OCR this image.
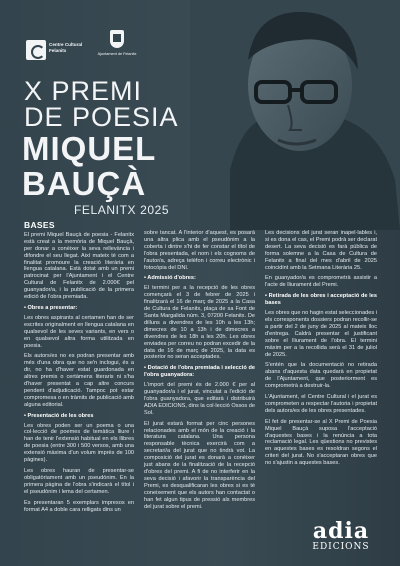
Centre Cultural Felanitx
Ajuntament de Felanitx
X PREMI
DE POESIA
MIQUEL
BAUÇÀ
FELANITX 2025
BASES

El premi Miquel Bauçà de poesia - Felanitx està creat a la memòria de Miquel Bauçà, per donar a conèixer la seva rellevància i difondre el seu llegat. Així mateix té com a finalitat promoure la creació literària en llengua catalana. Està dotat amb un premi patrocinat per l'Ajuntament i el Centre Cultural de Felanitx de 2.000€ pel guanyador/a, i la publicació de la primera edició de l'obra premiada.

• Obres a presentar:

Les obres aspirants al certamen han de ser escrites originalment en llengua catalana en qualsevol de les seves variants, en vers o en qualsevol altra forma utilitzada en poesia.

Els autors/es no es podran presentar amb més d'una obra que no se'n inclogui, és a dir, no ha d'haver estat guardonada en altres premis o certàmens literaris ni s'ha d'haver presentat a cap altre concurs pendent d'adjudicació. Tampoc pot estar compromesa o en tràmits de publicació amb alguna editorial.

• Presentació de les obres

Les obres poden ser un poema o una col·lecció de poemes de temàtica lliure i han de tenir l'extensió habitual en els llibres de poesia (entre 300 i 500 versos, amb una extensió màxima d'un volum imprès de 100 pàgines).

Les obres hauran de presentar-se obligatòriament amb un pseudònim. En la primera pàgina de l'obra s'indicarà el títol i el pseudònim i lema del certamen.

Es presentaran 5 exemplars impresos en format A4 a doble cara relligats dins un

sobre tancat. A l'interior d'aquest, es posarà una altra plica amb el pseudònim a la coberta i dintre s'hi de fer constar el títol de l'obra presentada, el nom i els cognoms de l'autor/a, adreça telèfon i correu electrònic i fotocòpia del DNI.

• Admissió d'obres:

El termini per a la recepció de les obres començarà el 3 de febrer de 2025 i finalitzarà el 16 de març de 2025 a la Casa de Cultura de Felanitx, plaça de sa Font de Santa Margalida núm. 3, 07200 Felanitx. De dilluns a divendres de les 10h a les 13h; dimecres de 10 a 13h i de dimecres a divendres de les 18h a les 20h. Les obres enviades per correu no podran excedir de la data de 16 de març de 2025, la data es posterior no seran acceptades.

• Dotació de l'obra premiada i selecció de l'obra guanyadora:

L'import del premi és de 2.000 € per al guanyador/a i el jurat, vinculat a l'edició de l'obra guanyadora, que editarà i distribuirà ADIA EDICIONS, dins la col·lecció Ossos de Sol.

El jurat estarà format per cinc persones relacionades amb el món de la creació i la literatura catalana. Una persona responsable tècnica exercirà com a secretari/a del jurat que no tindrà vot. La composició del jurat es donarà a conèixer just abans de la finalització de la recepció d'obres del premi. A fi de no interferir en la seva decisió i afavorir la transparència del Premi, es desqualificaran les obres si es té coneixement que els autors han contactat o han fet algun tipus de pressió als membres del jurat sobre el premi.

Les decisions del jurat seran inapel·lables i, si es dona el cas, el Premi podrà ser declarat desert. La seva decisió es farà pública de forma solemne a la Casa de Cultura de Felanitx a final del mes d'abril de 2025 coincidint amb la Setmana Literària 25.

En guanyador/a es comprometrà assistir a l'acte de lliurament del Premi.

• Retirada de les obres i acceptació de les bases

Les obres que no hagin estat seleccionades i els corresponents dossiers podran recollir-se a partir del 2 de juny de 2025 al mateix lloc d'entrega. Caldrà presentar el justificant sobre el lliurament de l'obra. El termini màxim per a la recollida serà el 31 de juliol de 2025.

S'entén que la documentació no retirada abans d'aquesta data quedarà en propietat de l'Ajuntament, que posteriorment es comprometrà a destruir-la.

L'Ajuntament, el Centre Cultural i el jurat es comprometen a respectar l'autoria i propietat dels autors/es de les obres presentades.

El fet de presentar-se al X Premi de Poesia Miquel Bauçà suposa l'acceptació d'aquestes bases i la renúncia a tota reclamació legal. Les qüestions no previstes en aquestes bases es resoldran segons el criteri del jurat. No s'acceptaran obres que no s'ajustin a aquestes bases.

adia
EDICIONS
